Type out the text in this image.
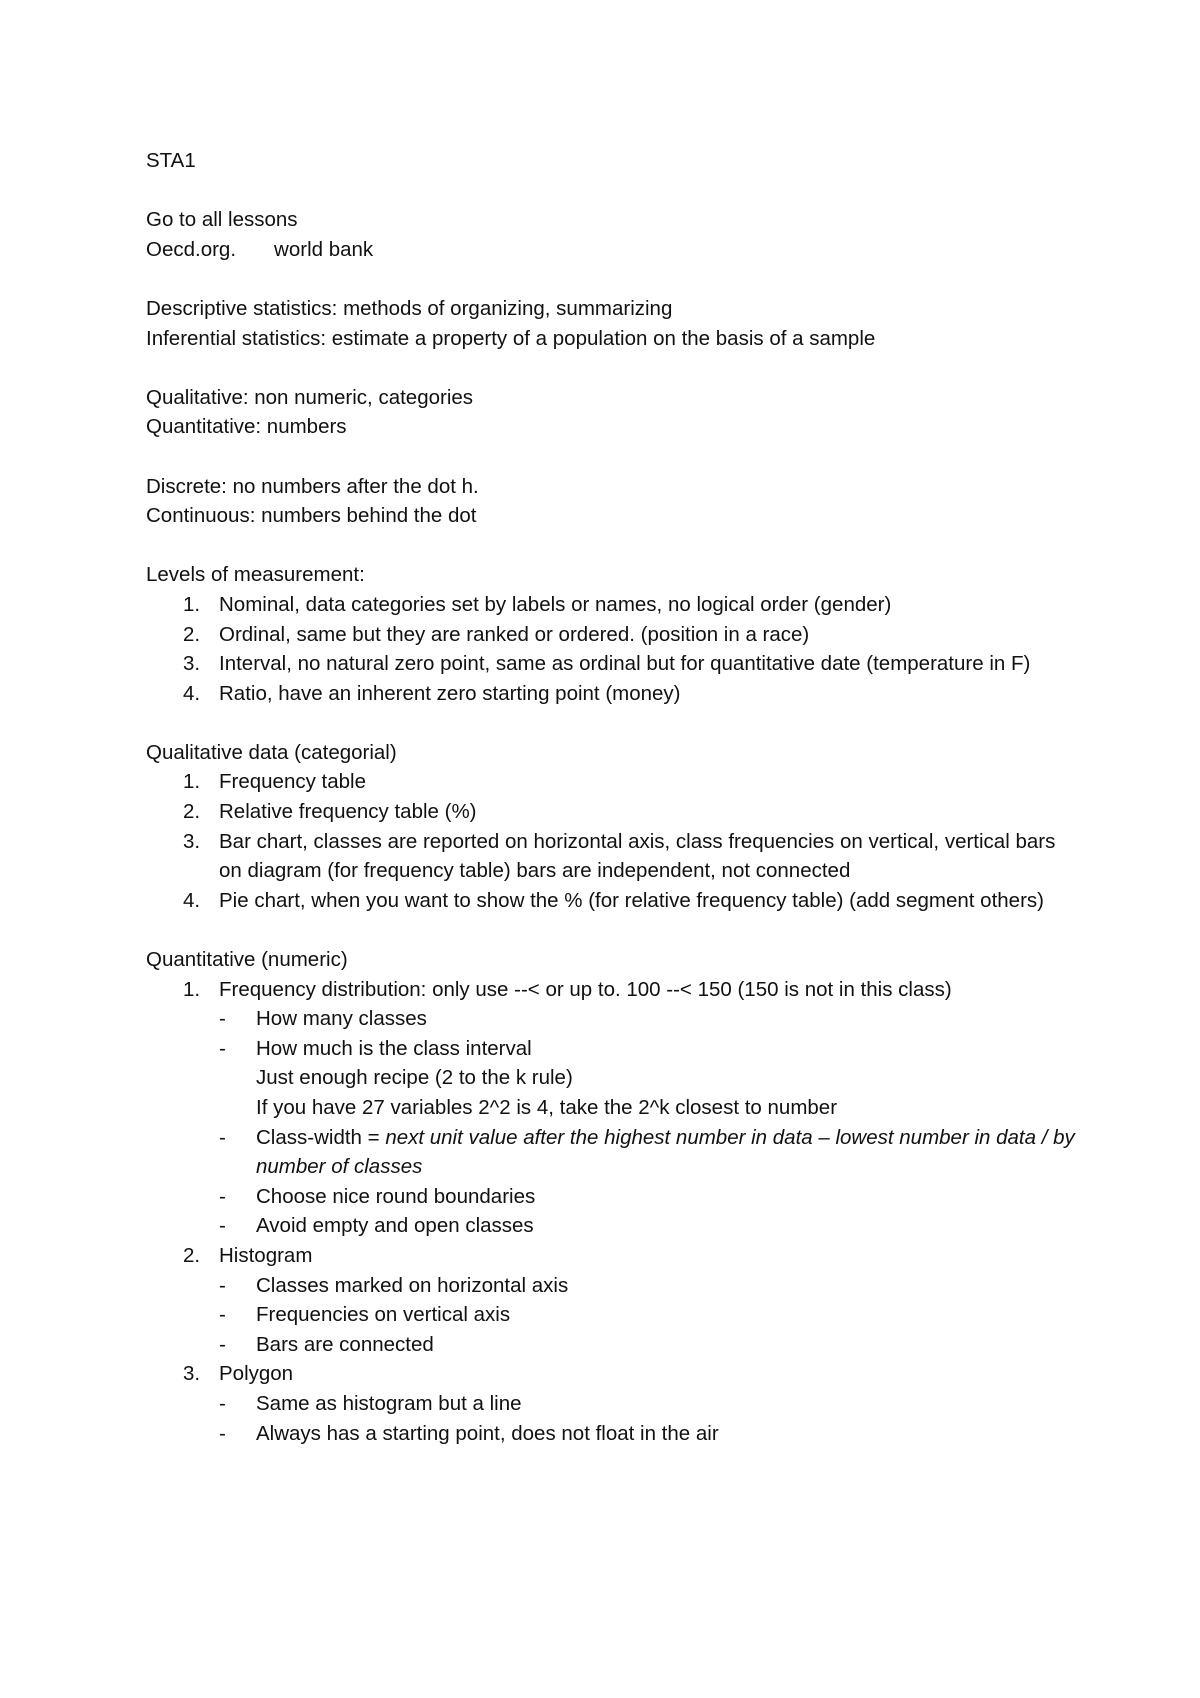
STA1
Go to all lessons
Oecd.org. world bank
Descriptive statistics: methods of organizing, summarizing
Inferential statistics: estimate a property of a population on the basis of a sample
Qualitative: non numeric, categories
Quantitative: numbers
Discrete: no numbers after the dot h.
Continuous: numbers behind the dot
Levels of measurement:
1. Nominal, data categories set by labels or names, no logical order (gender)
2. Ordinal, same but they are ranked or ordered. (position in a race)
3. Interval, no natural zero point, same as ordinal but for quantitative date (temperature in F)
4. Ratio, have an inherent zero starting point (money)
Qualitative data (categorial)
1. Frequency table
2. Relative frequency table (%)
3. Bar chart, classes are reported on horizontal axis, class frequencies on vertical, vertical bars on diagram (for frequency table) bars are independent, not connected
4. Pie chart, when you want to show the % (for relative frequency table) (add segment others)
Quantitative (numeric)
1. Frequency distribution: only use --< or up to. 100 --< 150 (150 is not in this class)
- How many classes
- How much is the class interval
Just enough recipe (2 to the k rule)
If you have 27 variables 2^2 is 4, take the 2^k closest to number
- Class-width = next unit value after the highest number in data – lowest number in data / by number of classes
- Choose nice round boundaries
- Avoid empty and open classes
2. Histogram
- Classes marked on horizontal axis
- Frequencies on vertical axis
- Bars are connected
3. Polygon
- Same as histogram but a line
- Always has a starting point, does not float in the air
